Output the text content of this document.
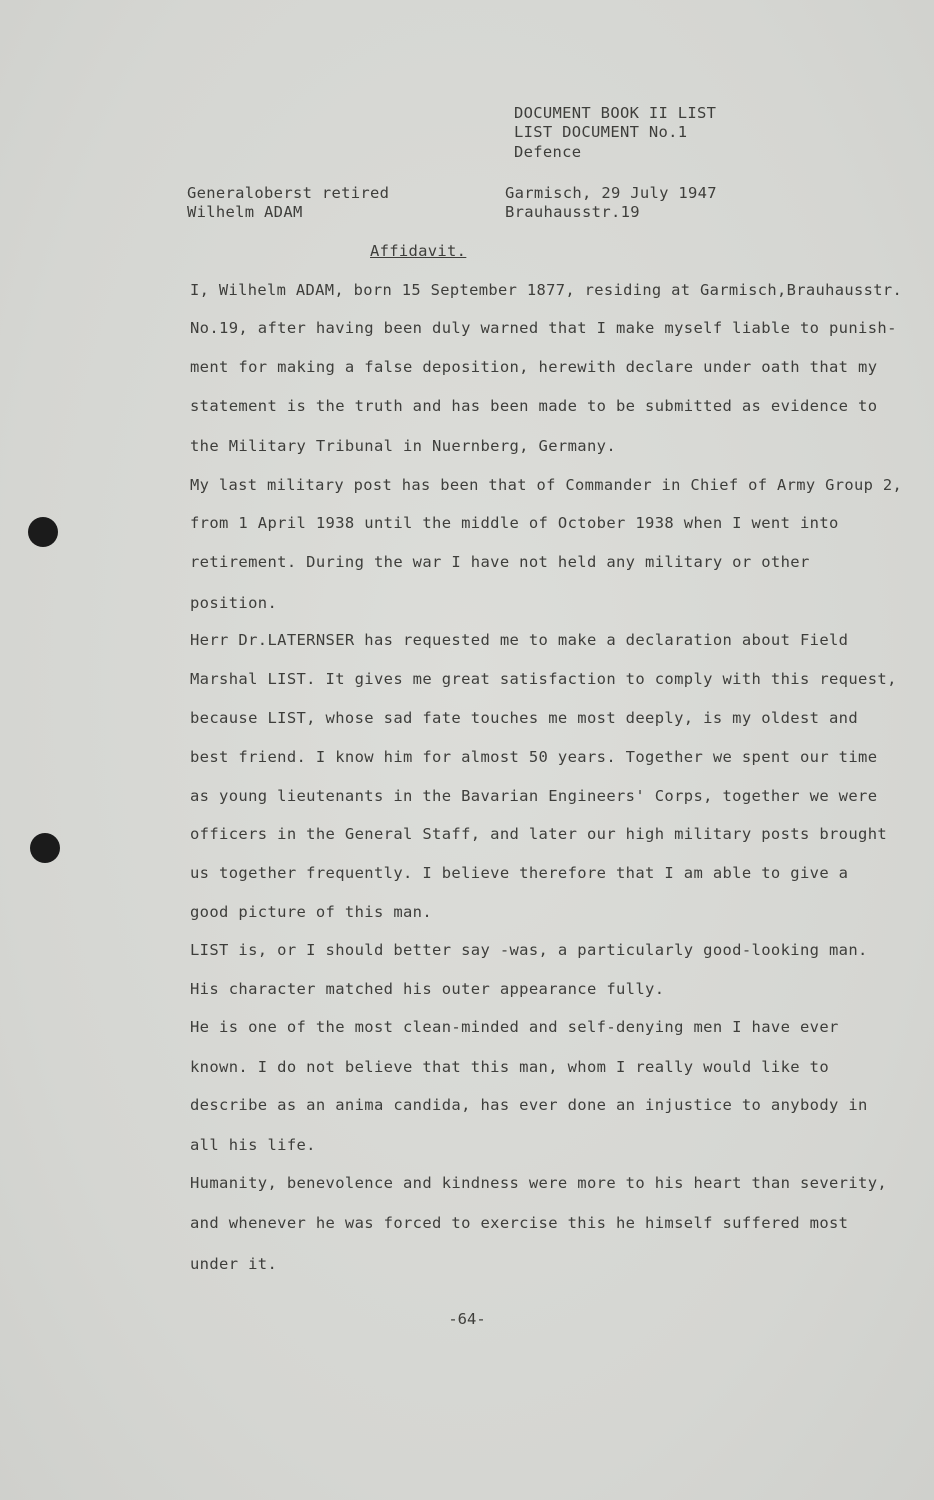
DOCUMENT BOOK II LIST
LIST DOCUMENT No.1
Defence
Generaloberst retired
Wilhelm ADAM
Garmisch, 29 July 1947
Brauhausstr.19
Affidavit.
I, Wilhelm ADAM, born 15 September 1877, residing at Garmisch,Brauhausstr.
No.19, after having been duly warned that I make myself liable to punish-
ment for making a false deposition, herewith declare under oath that my
statement is the truth and has been made to be submitted as evidence to
the Military Tribunal in Nuernberg, Germany.
My last military post has been that of Commander in Chief of Army Group 2,
from 1 April 1938 until the middle of October 1938 when I went into
retirement. During the war I have not held any military or other
position.
Herr Dr.LATERNSER has requested me to make a declaration about Field
Marshal LIST. It gives me great satisfaction to comply with this request,
because LIST, whose sad fate touches me most deeply, is my oldest and
best friend. I know him for almost 50 years. Together we spent our time
as young lieutenants in the Bavarian Engineers' Corps, together we were
officers in the General Staff, and later our high military posts brought
us together frequently. I believe therefore that I am able to give a
good picture of this man.
LIST is, or I should better say -was, a particularly good-looking man.
His character matched his outer appearance fully.
He is one of the most clean-minded and self-denying men I have ever
known. I do not believe that this man, whom I really would like to
describe as an anima candida, has ever done an injustice to anybody in
all his life.
Humanity, benevolence and kindness were more to his heart than severity,
and whenever he was forced to exercise this he himself suffered most
under it.
-64-
